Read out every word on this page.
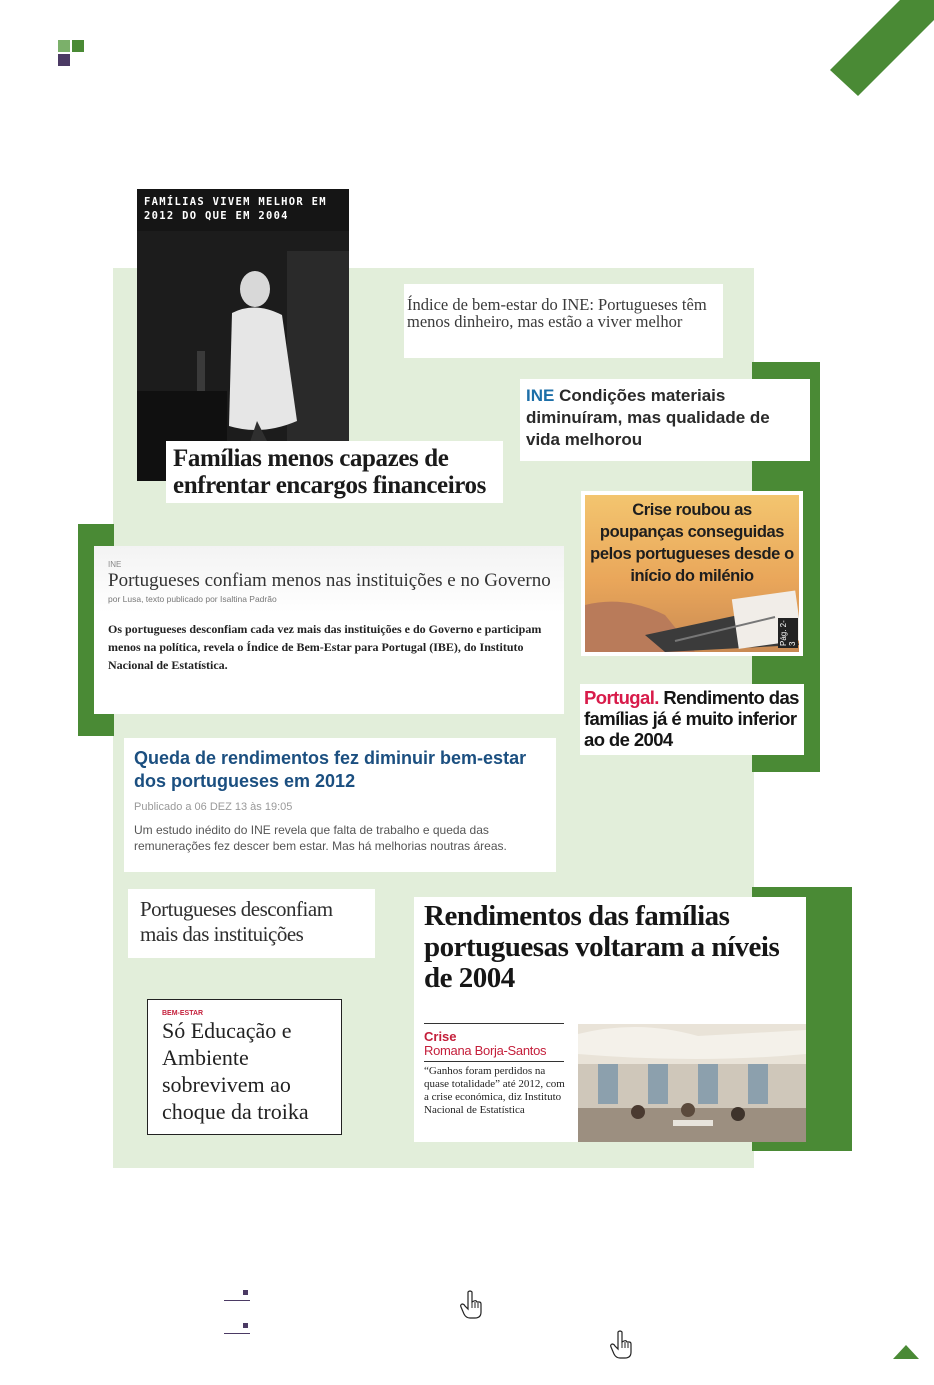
FAMÍLIAS VIVEM MELHOR EM 2012 DO QUE EM 2004
Índice de bem-estar do INE: Portugueses têm menos dinheiro, mas estão a viver melhor
INE Condições materiais diminuíram, mas qualidade de vida melhorou
Famílias menos capazes de enfrentar encargos financeiros
Crise roubou as poupanças conseguidas pelos portugueses desde o início do milénio
Pág. 2-3
INE
Portugueses confiam menos nas instituições e no Governo
por Lusa, texto publicado por Isaltina Padrão
Os portugueses desconfiam cada vez mais das instituições e do Governo e participam menos na política, revela o Índice de Bem-Estar para Portugal (IBE), do Instituto Nacional de Estatística.
Portugal. Rendimento das famílias já é muito inferior ao de 2004
Queda de rendimentos fez diminuir bem-estar dos portugueses em 2012
Publicado a 06 DEZ 13 às 19:05
Um estudo inédito do INE revela que falta de trabalho e queda das remunerações fez descer bem estar. Mas há melhorias noutras áreas.
Portugueses desconfiam mais das instituições
Rendimentos das famílias portuguesas voltaram a níveis de 2004
Crise
Romana Borja-Santos
“Ganhos foram perdidos na quase totalidade” até 2012, com a crise económica, diz Instituto Nacional de Estatística
BEM-ESTAR
Só Educação e Ambiente sobrevivem ao choque da troika
